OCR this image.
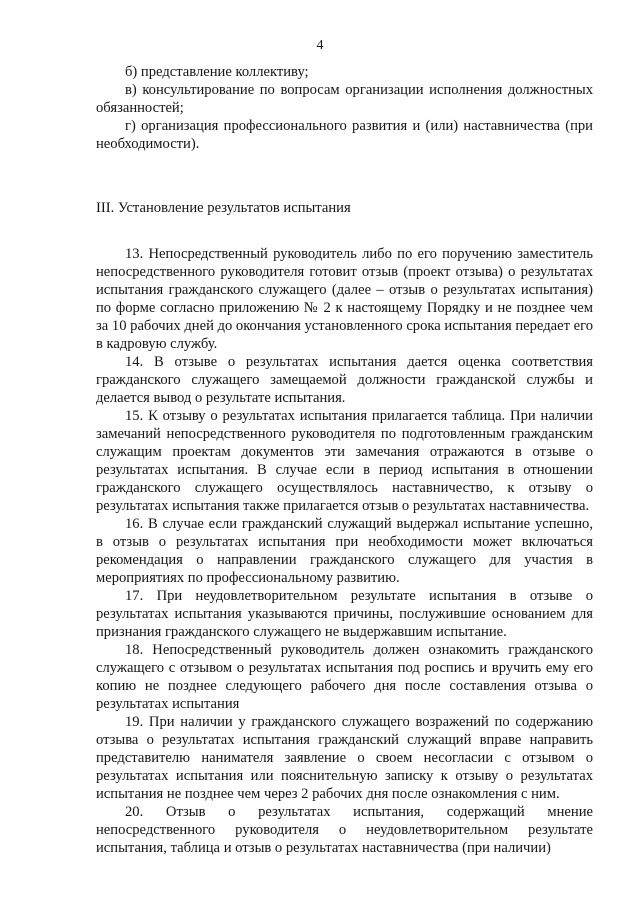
4

б) представление коллективу;

в) консультирование по вопросам организации исполнения должностных обязанностей;

г) организация профессионального развития и (или) наставничества (при необходимости).

III. Установление результатов испытания

13. Непосредственный руководитель либо по его поручению заместитель непосредственного руководителя готовит отзыв (проект отзыва) о результатах испытания гражданского служащего (далее – отзыв о результатах испытания) по форме согласно приложению № 2 к настоящему Порядку и не позднее чем за 10 рабочих дней до окончания установленного срока испытания передает его в кадровую службу.

14. В отзыве о результатах испытания дается оценка соответствия гражданского служащего замещаемой должности гражданской службы и делается вывод о результате испытания.

15. К отзыву о результатах испытания прилагается таблица. При наличии замечаний непосредственного руководителя по подготовленным гражданским служащим проектам документов эти замечания отражаются в отзыве о результатах испытания. В случае если в период испытания в отношении гражданского служащего осуществлялось наставничество, к отзыву о результатах испытания также прилагается отзыв о результатах наставничества.

16. В случае если гражданский служащий выдержал испытание успешно, в отзыв о результатах испытания при необходимости может включаться рекомендация о направлении гражданского служащего для участия в мероприятиях по профессиональному развитию.

17. При неудовлетворительном результате испытания в отзыве о результатах испытания указываются причины, послужившие основанием для признания гражданского служащего не выдержавшим испытание.

18. Непосредственный руководитель должен ознакомить гражданского служащего с отзывом о результатах испытания под роспись и вручить ему его копию не позднее следующего рабочего дня после составления отзыва о результатах испытания

19. При наличии у гражданского служащего возражений по содержанию отзыва о результатах испытания гражданский служащий вправе направить представителю нанимателя заявление о своем несогласии с отзывом о результатах испытания или пояснительную записку к отзыву о результатах испытания не позднее чем через 2 рабочих дня после ознакомления с ним.

20. Отзыв о результатах испытания, содержащий мнение непосредственного руководителя о неудовлетворительном результате испытания, таблица и отзыв о результатах наставничества (при наличии)
